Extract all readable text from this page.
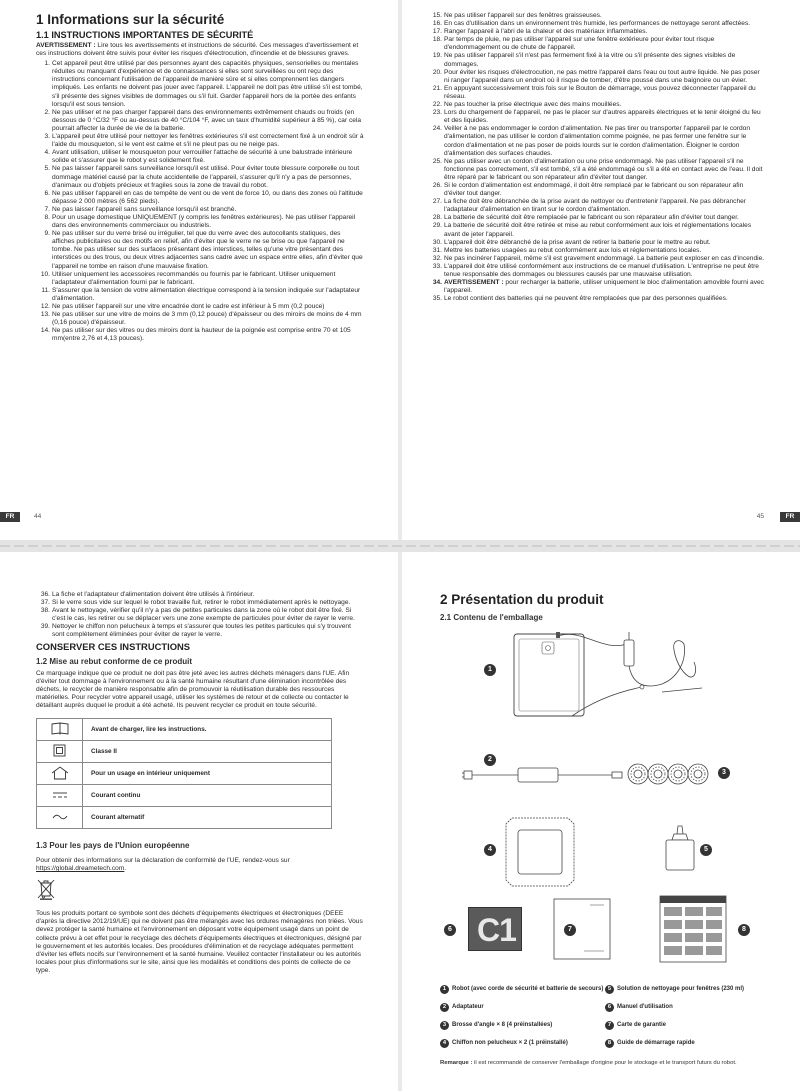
1 Informations sur la sécurité
1.1 INSTRUCTIONS IMPORTANTES DE SÉCURITÉ

AVERTISSEMENT : Lire tous les avertissements et instructions de sécurité. Ces messages d'avertissement et ces instructions doivent être suivis pour éviter les risques d'électrocution, d'incendie et de blessures graves.

1. Cet appareil peut être utilisé par des personnes ayant des capacités physiques, sensorielles ou mentales réduites ou manquant d'expérience et de connaissances si elles sont surveillées ou ont reçu des instructions concernant l'utilisation de l'appareil de manière sûre et si elles comprennent les dangers impliqués. Les enfants ne doivent pas jouer avec l'appareil. L'appareil ne doit pas être utilisé s'il est tombé, s'il présente des signes visibles de dommages ou s'il fuit. Garder l'appareil hors de la portée des enfants lorsqu'il est sous tension.
2. Ne pas utiliser et ne pas charger l'appareil dans des environnements extrêmement chauds ou froids (en dessous de 0 °C/32 °F ou au-dessus de 40 °C/104 °F, avec un taux d'humidité supérieur à 85 %), car cela pourrait affecter la durée de vie de la batterie.
3. L'appareil peut être utilisé pour nettoyer les fenêtres extérieures s'il est correctement fixé à un endroit sûr à l'aide du mousqueton, si le vent est calme et s'il ne pleut pas ou ne neige pas.
4. Avant utilisation, utiliser le mousqueton pour verrouiller l'attache de sécurité à une balustrade intérieure solide et s'assurer que le robot y est solidement fixé.
5. Ne pas laisser l'appareil sans surveillance lorsqu'il est utilisé. Pour éviter toute blessure corporelle ou tout dommage matériel causé par la chute accidentelle de l'appareil, s'assurer qu'il n'y a pas de personnes, d'animaux ou d'objets précieux et fragiles sous la zone de travail du robot.
6. Ne pas utiliser l'appareil en cas de tempête de vent ou de vent de force 10, ou dans des zones où l'altitude dépasse 2 000 mètres (6 562 pieds).
7. Ne pas laisser l'appareil sans surveillance lorsqu'il est branché.
8. Pour un usage domestique UNIQUEMENT (y compris les fenêtres extérieures). Ne pas utiliser l'appareil dans des environnements commerciaux ou industriels.
9. Ne pas utiliser sur du verre brisé ou irrégulier, tel que du verre avec des autocollants statiques, des affiches publicitaires ou des motifs en relief, afin d'éviter que le verre ne se brise ou que l'appareil ne tombe. Ne pas utiliser sur des surfaces présentant des interstices, telles qu'une vitre présentant des interstices ou des trous, ou deux vitres adjacentes sans cadre avec un espace entre elles, afin d'éviter que l'appareil ne tombe en raison d'une mauvaise fixation.
10. Utiliser uniquement les accessoires recommandés ou fournis par le fabricant. Utiliser uniquement l'adaptateur d'alimentation fourni par le fabricant.
11. S'assurer que la tension de votre alimentation électrique correspond à la tension indiquée sur l'adaptateur d'alimentation.
12. Ne pas utiliser l'appareil sur une vitre encadrée dont le cadre est inférieur à 5 mm (0,2 pouce)
13. Ne pas utiliser sur une vitre de moins de 3 mm (0,12 pouce) d'épaisseur ou des miroirs de moins de 4 mm (0,16 pouce) d'épaisseur.
14. Ne pas utiliser sur des vitres ou des miroirs dont la hauteur de la poignée est comprise entre 70 et 105 mm(entre 2,76 et 4,13 pouces).
FR	44
15. Ne pas utiliser l'appareil sur des fenêtres graisseuses.
16. En cas d'utilisation dans un environnement très humide, les performances de nettoyage seront affectées.
17. Ranger l'appareil à l'abri de la chaleur et des matériaux inflammables.
18. Par temps de pluie, ne pas utiliser l'appareil sur une fenêtre extérieure pour éviter tout risque d'endommagement ou de chute de l'appareil.
19. Ne pas utiliser l'appareil s'il n'est pas fermement fixé à la vitre ou s'il présente des signes visibles de dommages.
20. Pour éviter les risques d'électrocution, ne pas mettre l'appareil dans l'eau ou tout autre liquide. Ne pas poser ni ranger l'appareil dans un endroit où il risque de tomber, d'être poussé dans une baignoire ou un évier.
21. En appuyant successivement trois fois sur le Bouton de démarrage, vous pouvez déconnecter l'appareil du réseau.
22. Ne pas toucher la prise électrique avec des mains mouillées.
23. Lors du chargement de l'appareil, ne pas le placer sur d'autres appareils électriques et le tenir éloigné du feu et des liquides.
24. Veiller à ne pas endommager le cordon d'alimentation. Ne pas tirer ou transporter l'appareil par le cordon d'alimentation, ne pas utiliser le cordon d'alimentation comme poignée, ne pas fermer une fenêtre sur le cordon d'alimentation et ne pas poser de poids lourds sur le cordon d'alimentation. Éloigner le cordon d'alimentation des surfaces chaudes.
25. Ne pas utiliser avec un cordon d'alimentation ou une prise endommagé. Ne pas utiliser l'appareil s'il ne fonctionne pas correctement, s'il est tombé, s'il a été endommagé ou s'il a été en contact avec de l'eau. Il doit être réparé par le fabricant ou son réparateur afin d'éviter tout danger.
26. Si le cordon d'alimentation est endommagé, il doit être remplacé par le fabricant ou son réparateur afin d'éviter tout danger.
27. La fiche doit être débranchée de la prise avant de nettoyer ou d'entretenir l'appareil. Ne pas débrancher l'adaptateur d'alimentation en tirant sur le cordon d'alimentation.
28. La batterie de sécurité doit être remplacée par le fabricant ou son réparateur afin d'éviter tout danger.
29. La batterie de sécurité doit être retirée et mise au rebut conformément aux lois et réglementations locales avant de jeter l'appareil.
30. L'appareil doit être débranché de la prise avant de retirer la batterie pour le mettre au rebut.
31. Mettre les batteries usagées au rebut conformément aux lois et réglementations locales.
32. Ne pas incinérer l'appareil, même s'il est gravement endommagé. La batterie peut exploser en cas d'incendie.
33. L'appareil doit être utilisé conformément aux instructions de ce manuel d'utilisation. L'entreprise ne peut être tenue responsable des dommages ou blessures causés par une mauvaise utilisation.
34. AVERTISSEMENT : pour recharger la batterie, utiliser uniquement le bloc d'alimentation amovible fourni avec l'appareil.
35. Le robot contient des batteries qui ne peuvent être remplacées que par des personnes qualifiées.
45	FR
36. La fiche et l'adaptateur d'alimentation doivent être utilisés à l'intérieur.
37. Si le verre sous vide sur lequel le robot travaille fuit, retirer le robot immédiatement après le nettoyage.
38. Avant le nettoyage, vérifier qu'il n'y a pas de petites particules dans la zone où le robot doit être fixé. Si c'est le cas, les retirer ou se déplacer vers une zone exempte de particules pour éviter de rayer le verre.
39. Nettoyer le chiffon non pelucheux à temps et s'assurer que toutes les petites particules qui s'y trouvent sont complètement éliminées pour éviter de rayer le verre.
CONSERVER CES INSTRUCTIONS
1.2 Mise au rebut conforme de ce produit

Ce marquage indique que ce produit ne doit pas être jeté avec les autres déchets ménagers dans l'UE. Afin d'éviter tout dommage à l'environnement ou à la santé humaine résultant d'une élimination incontrôlée des déchets, le recycler de manière responsable afin de promouvoir la réutilisation durable des ressources matérielles. Pour recycler votre appareil usagé, utiliser les systèmes de retour et de collecte ou contacter le détaillant auprès duquel le produit a été acheté. Ils peuvent recycler ce produit en toute sécurité.

	Avant de charger, lire les instructions.
	Classe II
	Pour un usage en intérieur uniquement
	Courant continu
	Courant alternatif
1.3 Pour les pays de l'Union européenne

Pour obtenir des informations sur la déclaration de conformité de l'UE, rendez-vous sur https://global.dreametech.com.

Tous les produits portant ce symbole sont des déchets d'équipements électriques et électroniques (DEEE d'après la directive 2012/19/UE) qui ne doivent pas être mélangés avec les ordures ménagères non triées. Vous devez protéger la santé humaine et l'environnement en déposant votre équipement usagé dans un point de collecte prévu à cet effet pour le recyclage des déchets d'équipements électriques et électroniques, désigné par le gouvernement et les autorités locales. Des procédures d'élimination et de recyclage adéquates permettent d'éviter les effets nocifs sur l'environnement et la santé humaine. Veuillez contacter l'installateur ou les autorités locales pour plus d'informations sur le site, ainsi que les modalités et conditions des points de collecte de ce type.

2 Présentation du produit
2.1 Contenu de l'emballage
1
2
3
4	5
6 C1	7	8
1 Robot (avec corde de sécurité et batterie de secours) 5 Solution de nettoyage pour fenêtres (230 ml)
2 Adaptateur	6 Manuel d'utilisation
3 Brosse d'angle × 8 (4 préinstallées)	7 Carte de garantie
4 Chiffon non pelucheux × 2 (1 préinstallé)	8 Guide de démarrage rapide
Remarque : il est recommandé de conserver l'emballage d'origine pour le stockage et le transport futurs du robot.
